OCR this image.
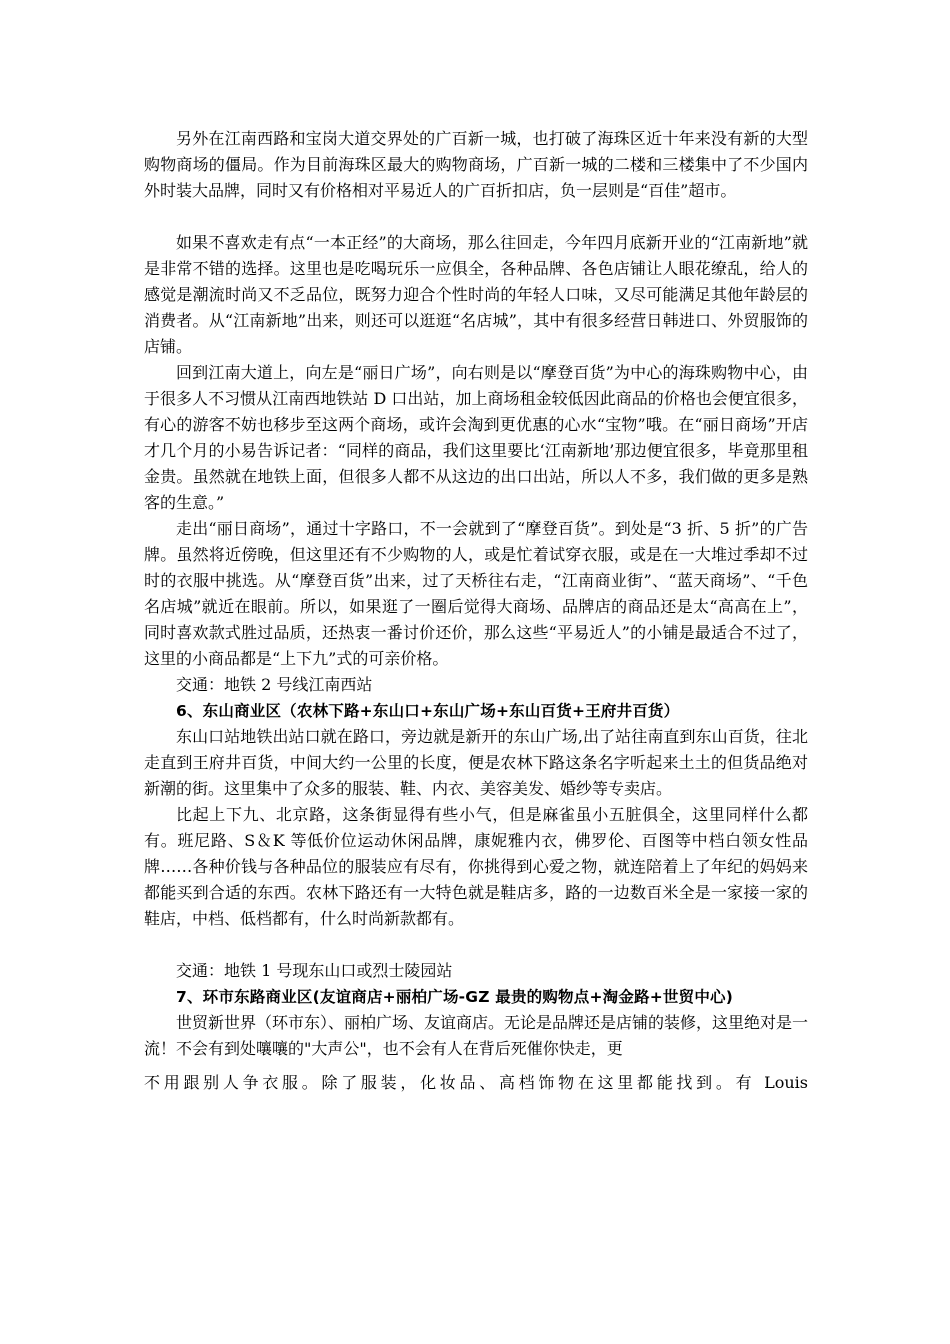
另外在江南西路和宝岗大道交界处的广百新一城，也打破了海珠区近十年来没有新的大型购物商场的僵局。作为目前海珠区最大的购物商场，广百新一城的二楼和三楼集中了不少国内外时装大品牌，同时又有价格相对平易近人的广百折扣店，负一层则是“百佳”超市。

如果不喜欢走有点“一本正经”的大商场，那么往回走，今年四月底新开业的“江南新地”就是非常不错的选择。这里也是吃喝玩乐一应俱全，各种品牌、各色店铺让人眼花缭乱，给人的感觉是潮流时尚又不乏品位，既努力迎合个性时尚的年轻人口味，又尽可能满足其他年龄层的消费者。从“江南新地”出来，则还可以逛逛“名店城”，其中有很多经营日韩进口、外贸服饰的店铺。

回到江南大道上，向左是“丽日广场”，向右则是以“摩登百货”为中心的海珠购物中心，由于很多人不习惯从江南西地铁站 D 口出站，加上商场租金较低因此商品的价格也会便宜很多，有心的游客不妨也移步至这两个商场，或许会淘到更优惠的心水“宝物”哦。在“丽日商场”开店才几个月的小易告诉记者：“同样的商品，我们这里要比‘江南新地’那边便宜很多，毕竟那里租金贵。虽然就在地铁上面，但很多人都不从这边的出口出站，所以人不多，我们做的更多是熟客的生意。”

走出“丽日商场”，通过十字路口，不一会就到了“摩登百货”。到处是“3 折、5 折”的广告牌。虽然将近傍晚，但这里还有不少购物的人，或是忙着试穿衣服，或是在一大堆过季却不过时的衣服中挑选。从“摩登百货”出来，过了天桥往右走，“江南商业街”、“蓝天商场”、“千色名店城”就近在眼前。所以，如果逛了一圈后觉得大商场、品牌店的商品还是太“高高在上”，同时喜欢款式胜过品质，还热衷一番讨价还价，那么这些“平易近人”的小铺是最适合不过了，这里的小商品都是“上下九”式的可亲价格。

交通：地铁 2 号线江南西站

6、东山商业区（农林下路+东山口+东山广场+东山百货+王府井百货）

东山口站地铁出站口就在路口，旁边就是新开的东山广场,出了站往南直到东山百货，往北走直到王府井百货，中间大约一公里的长度，便是农林下路这条名字听起来土土的但货品绝对新潮的街。这里集中了众多的服装、鞋、内衣、美容美发、婚纱等专卖店。

比起上下九、北京路，这条街显得有些小气，但是麻雀虽小五脏俱全，这里同样什么都有。班尼路、S＆K 等低价位运动休闲品牌，康妮雅内衣，佛罗伦、百图等中档白领女性品牌……各种价钱与各种品位的服装应有尽有，你挑得到心爱之物，就连陪着上了年纪的妈妈来都能买到合适的东西。农林下路还有一大特色就是鞋店多，路的一边数百米全是一家接一家的鞋店，中档、低档都有，什么时尚新款都有。

交通：地铁 1 号现东山口或烈士陵园站

7、环市东路商业区(友谊商店+丽柏广场-GZ 最贵的购物点+淘金路+世贸中心)

世贸新世界（环市东）、丽柏广场、友谊商店。无论是品牌还是店铺的装修，这里绝对是一流！不会有到处嚷嚷的"大声公"，也不会有人在背后死催你快走，更

不用跟别人争衣服。除了服装，化妆品、高档饰物在这里都能找到。有 Louis
